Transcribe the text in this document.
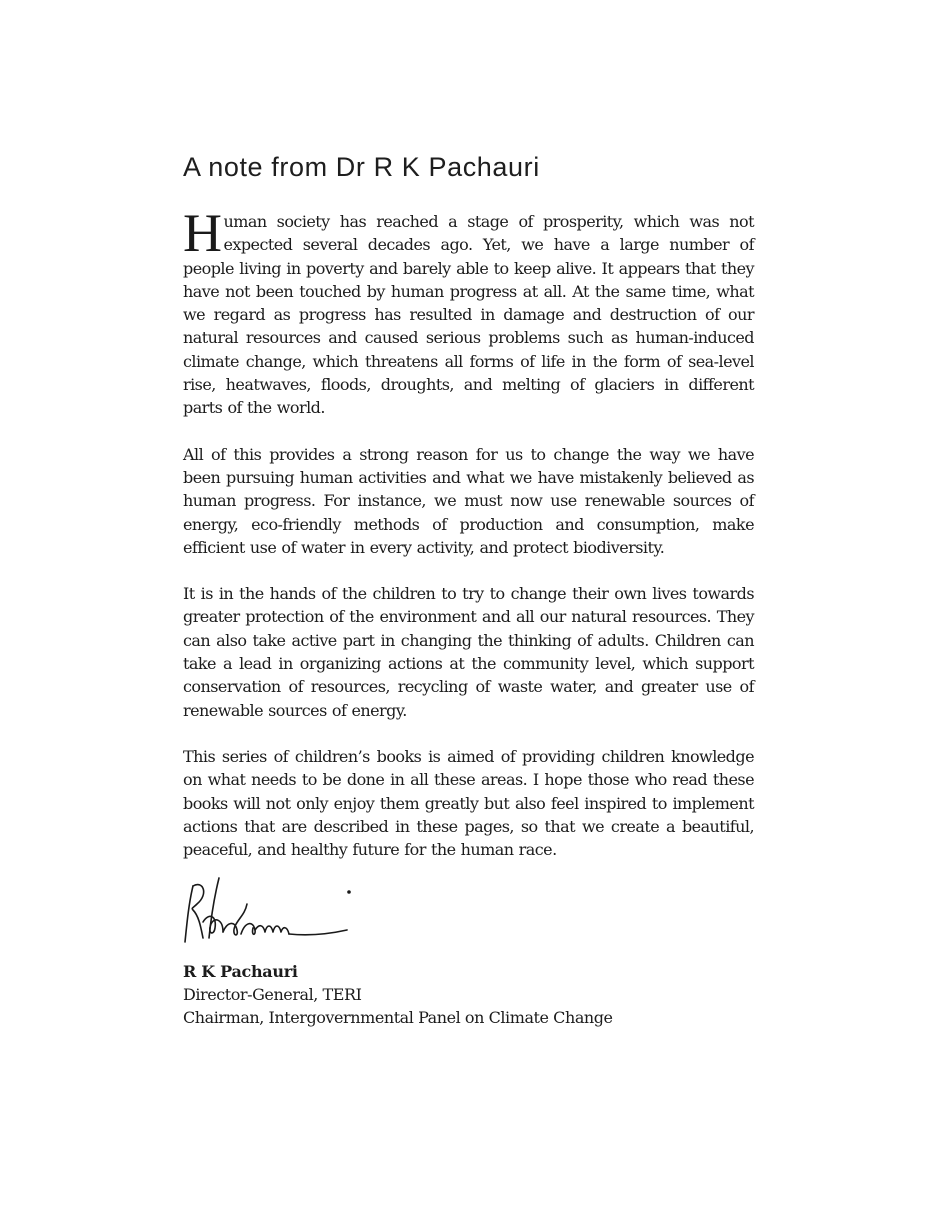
A note from Dr R K Pachauri

Human society has reached a stage of prosperity, which was not expected several decades ago. Yet, we have a large number of people living in poverty and barely able to keep alive. It appears that they have not been touched by human progress at all. At the same time, what we regard as progress has resulted in damage and destruction of our natural resources and caused serious problems such as human-induced climate change, which threatens all forms of life in the form of sea-level rise, heatwaves, floods, droughts, and melting of glaciers in different parts of the world.

All of this provides a strong reason for us to change the way we have been pursuing human activities and what we have mistakenly believed as human progress. For instance, we must now use renewable sources of energy, eco-friendly methods of production and consumption, make efficient use of water in every activity, and protect biodiversity.

It is in the hands of the children to try to change their own lives towards greater protection of the environment and all our natural resources. They can also take active part in changing the thinking of adults. Children can take a lead in organizing actions at the community level, which support conservation of resources, recycling of waste water, and greater use of renewable sources of energy.

This series of children’s books is aimed of providing children knowledge on what needs to be done in all these areas. I hope those who read these books will not only enjoy them greatly but also feel inspired to implement actions that are described in these pages, so that we create a beautiful, peaceful, and healthy future for the human race.

R K Pachauri
Director-General, TERI
Chairman, Intergovernmental Panel on Climate Change
